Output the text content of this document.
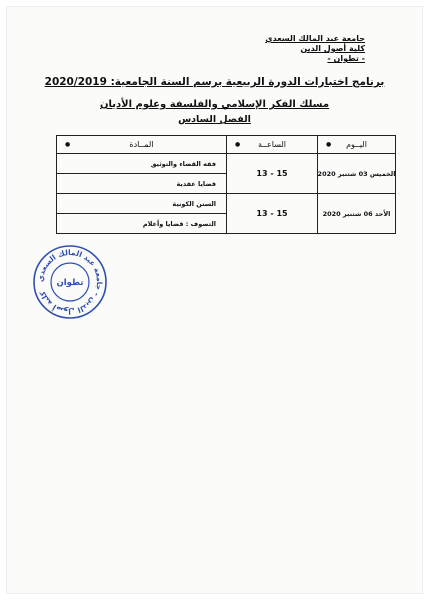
جامعة عبد المالك السعدي
كلية أصول الدين
- تطوان -
برنامج اختبارات الدورة الربيعية برسم السنة الجامعية: 2020/2019
مسلك الفكر الإسلامي والفلسفة وعلوم الأديان
الفصل السادس
اليــوم
●
الساعــة
●
المــادة
●
الخميس 03 شتنبر 2020
13 - 15
فقه القضاء والتوثيق
قضايا عقدية
الأحد 06 شتنبر 2020
13 - 15
السنن الكونية
التصوف : قضايا وأعلام
كلية أصول الدين - جامعة عبد المالك السعدي
تطوان
